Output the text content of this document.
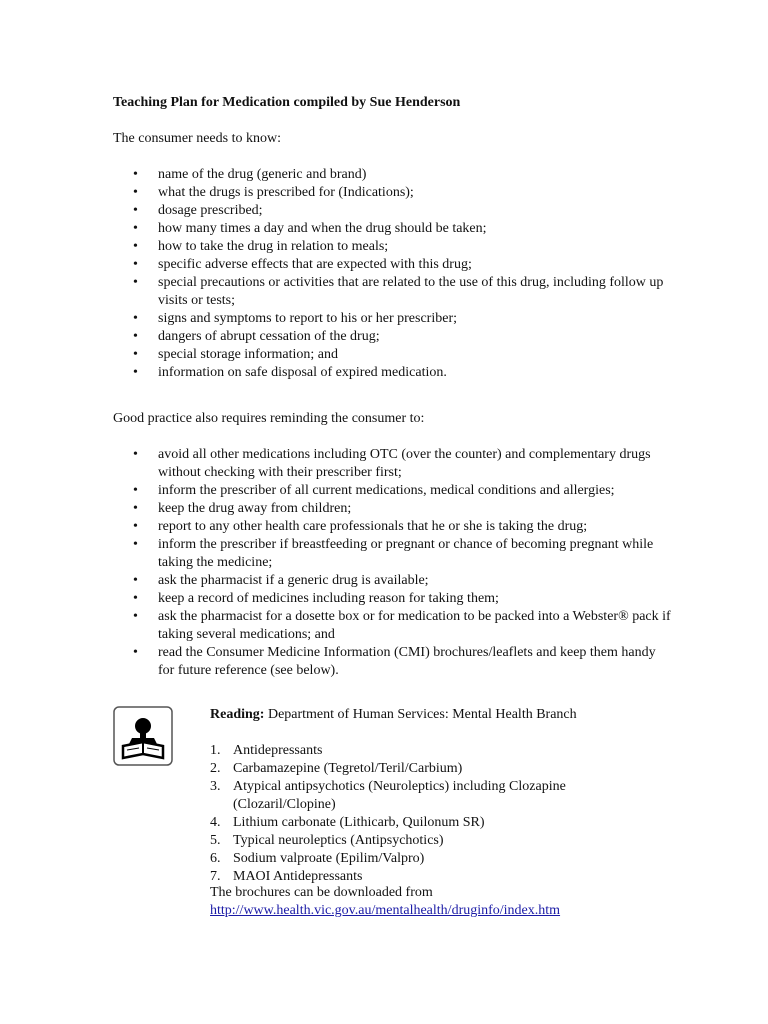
Teaching Plan for Medication compiled by Sue Henderson
The consumer needs to know:
• name of the drug (generic and brand)
• what the drugs is prescribed for (Indications);
• dosage prescribed;
• how many times a day and when the drug should be taken;
• how to take the drug in relation to meals;
• specific adverse effects that are expected with this drug;
• special precautions or activities that are related to the use of this drug, including follow up visits or tests;
• signs and symptoms to report to his or her prescriber;
• dangers of abrupt cessation of the drug;
• special storage information; and
• information on safe disposal of expired medication.
Good practice also requires reminding the consumer to:
• avoid all other medications including OTC (over the counter) and complementary drugs without checking with their prescriber first;
• inform the prescriber of all current medications, medical conditions and allergies;
• keep the drug away from children;
• report to any other health care professionals that he or she is taking the drug;
• inform the prescriber if breastfeeding or pregnant or chance of becoming pregnant while taking the medicine;
• ask the pharmacist if a generic drug is available;
• keep a record of medicines including reason for taking them;
• ask the pharmacist for a dosette box or for medication to be packed into a Webster® pack if taking several medications; and
• read the Consumer Medicine Information (CMI) brochures/leaflets and keep them handy for future reference (see below).
Reading: Department of Human Services: Mental Health Branch
1. Antidepressants
2. Carbamazepine (Tegretol/Teril/Carbium)
3. Atypical antipsychotics (Neuroleptics) including Clozapine (Clozaril/Clopine)
4. Lithium carbonate (Lithicarb, Quilonum SR)
5. Typical neuroleptics (Antipsychotics)
6. Sodium valproate (Epilim/Valpro)
7. MAOI Antidepressants
The brochures can be downloaded from
http://www.health.vic.gov.au/mentalhealth/druginfo/index.htm
